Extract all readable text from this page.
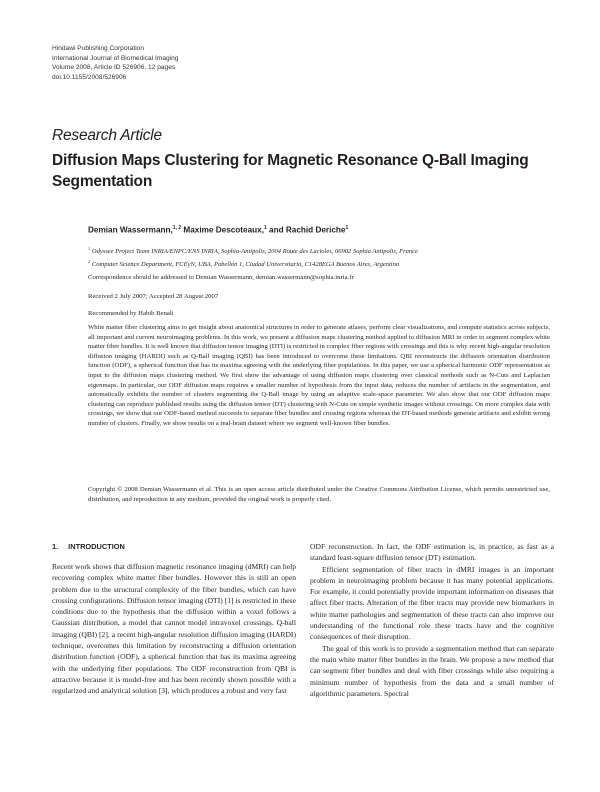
Hindawi Publishing Corporation
International Journal of Biomedical Imaging
Volume 2008, Article ID 526906, 12 pages
doi:10.1155/2008/526906
Research Article
Diffusion Maps Clustering for Magnetic Resonance Q-Ball Imaging Segmentation
Demian Wassermann,$^{1, 2}$ Maxime Descoteaux,$^1$ and Rachid Deriche$^1$
$^1$ Odyssee Project Team INRIA/ENPC/ENS INRIA, Sophia-Antipolis, 2004 Route des Lucioles, 06902 Sophia Antipolis, France
$^2$ Computer Science Department, FCEyN, UBA, Pabellón 1, Ciudad Universitaria, C1428EGA Buenos Aires, Argentina
Correspondence should be addressed to Demian Wassermann, demian.wassermann@sophia.inria.fr
Received 2 July 2007; Accepted 28 August 2007
Recommended by Habib Benali
White matter fiber clustering aims to get insight about anatomical structures in order to generate atlases, perform clear visualizations, and compute statistics across subjects, all important and current neuroimaging problems. In this work, we present a diffusion maps clustering method applied to diffusion MRI in order to segment complex white matter fiber bundles. It is well known that diffusion tensor imaging (DTI) is restricted in complex fiber regions with crossings and this is why recent high-angular resolution diffusion imaging (HARDI) such as Q-Ball imaging (QBI) has been introduced to overcome these limitations. QBI reconstructs the diffusion orientation distribution function (ODF), a spherical function that has its maxima agreeing with the underlying fiber populations. In this paper, we use a spherical harmonic ODF representation as input to the diffusion maps clustering method. We first show the advantage of using diffusion maps clustering over classical methods such as N-Cuts and Laplacian eigenmaps. In particular, our ODF diffusion maps requires a smaller number of hypothesis from the input data, reduces the number of artifacts in the segmentation, and automatically exhibits the number of clusters segmenting the Q-Ball image by using an adaptive scale-space parameter. We also show that our ODF diffusion maps clustering can reproduce published results using the diffusion tensor (DT) clustering with N-Cuts on simple synthetic images without crossings. On more complex data with crossings, we show that our ODF-based method succeeds to separate fiber bundles and crossing regions whereas the DT-based methods generate artifacts and exhibit wrong number of clusters. Finally, we show results on a real-brain dataset where we segment well-known fiber bundles.
Copyright © 2008 Demian Wassermann et al. This is an open access article distributed under the Creative Commons Attribution License, which permits unrestricted use, distribution, and reproduction in any medium, provided the original work is properly cited.
1. INTRODUCTION

Recent work shows that diffusion magnetic resonance imaging (dMRI) can help recovering complex white matter fiber bundles. However this is still an open problem due to the structural complexity of the fiber bundles, which can have crossing configurations. Diffusion tensor imaging (DTI) [1] is restricted in these conditions due to the hypothesis that the diffusion within a voxel follows a Gaussian distribution, a model that cannot model intravoxel crossings. Q-ball imaging (QBI) [2], a recent high-angular resolution diffusion imaging (HARDI) technique, overcomes this limitation by reconstructing a diffusion orientation distribution function (ODF), a spherical function that has its maxima agreeing with the underlying fiber populations. The ODF reconstruction from QBI is attractive because it is model-free and has been recently shown possible with a regularized and analytical solution [3], which produces a robust and very fast

ODF reconstruction. In fact, the ODF estimation is, in practice, as fast as a standard least-square diffusion tensor (DT) estimation.

Efficient segmentation of fiber tracts in dMRI images is an important problem in neuroimaging problem because it has many potential applications. For example, it could potentially provide important information on diseases that affect fiber tracts. Alteration of the fiber tracts may provide new biomarkers in white matter pathologies and segmentation of these tracts can also improve our understanding of the functional role these tracts have and the cognitive consequences of their disruption.

The goal of this work is to provide a segmentation method that can separate the main white matter fiber bundles in the brain. We propose a new method that can segment fiber bundles and deal with fiber crossings while also requiring a minimum number of hypothesis from the data and a small number of algorithmic parameters. Spectral
